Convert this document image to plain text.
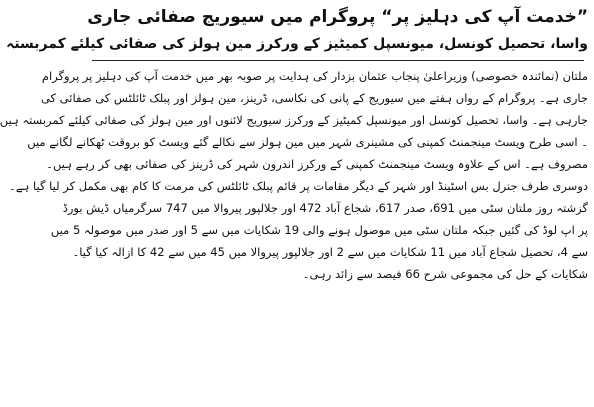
”خدمت آپ کی دہلیز پر“ پروگرام میں سیوریج صفائی جاری
واسا، تحصیل کونسل، میونسپل کمیٹیز کے ورکرز مین ہولز کی صفائی کیلئے کمربستہ
ملتان (نمائندہ خصوصی) وزیراعلیٰ پنجاب عثمان بزدار کی ہدایت پر صوبہ بھر میں خدمت آپ کی دہلیز پر پروگرام
جاری ہے۔ پروگرام کے رواں ہفتے میں سیوریج کے پانی کی نکاسی، ڈرینز، مین ہولز اور پبلک ٹائلٹس کی صفائی کی
جارہی ہے۔ واسا، تحصیل کونسل اور میونسپل کمیٹیز کے ورکرز سیوریج لائنوں اور مین ہولز کی صفائی کیلئے کمربستہ ہیں
۔ اسی طرح ویسٹ مینجمنٹ کمپنی کی مشینری شہر میں مین ہولز سے نکالے گئے ویسٹ کو بروقت ٹھکانے لگانے میں
مصروف ہے۔ اس کے علاوہ ویسٹ مینجمنٹ کمپنی کے ورکرز اندرون شہر کی ڈرینز کی صفائی بھی کر رہے ہیں۔
دوسری طرف جنرل بس اسٹینڈ اور شہر کے دیگر مقامات پر قائم پبلک ٹائلٹس کی مرمت کا کام بھی مکمل کر لیا گیا ہے۔
گزشتہ روز ملتان سٹی میں 691، صدر 617، شجاع آباد 472 اور جلالپور پیروالا میں 747 سرگرمیاں ڈیش بورڈ
پر اپ لوڈ کی گئیں جبکہ ملتان سٹی میں موصول ہونے والی 19 شکایات میں سے 5 اور صدر میں موصولہ 5 میں
سے 4، تحصیل شجاع آباد میں 11 شکایات میں سے 2 اور جلالپور پیروالا میں 45 میں سے 42 کا ازالہ کیا گیا۔
شکایات کے حل کی مجموعی شرح 66 فیصد سے زائد رہی۔
